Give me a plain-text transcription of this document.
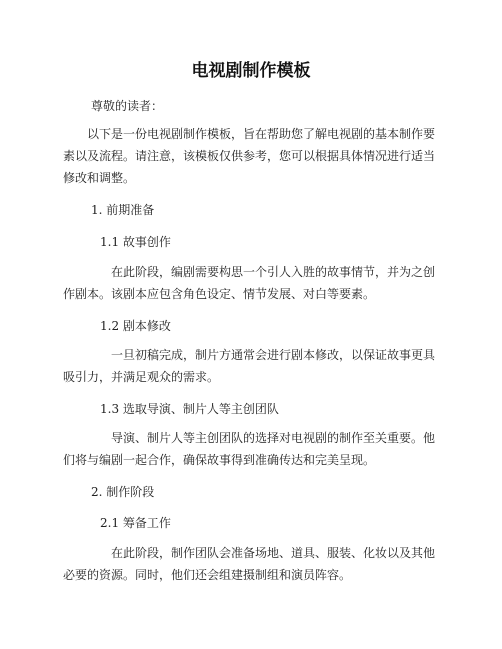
电视剧制作模板

尊敬的读者：

以下是一份电视剧制作模板，旨在帮助您了解电视剧的基本制作要素以及流程。请注意，该模板仅供参考，您可以根据具体情况进行适当修改和调整。

1. 前期准备

1.1 故事创作

在此阶段，编剧需要构思一个引人入胜的故事情节，并为之创作剧本。该剧本应包含角色设定、情节发展、对白等要素。

1.2 剧本修改

一旦初稿完成，制片方通常会进行剧本修改，以保证故事更具吸引力，并满足观众的需求。

1.3 选取导演、制片人等主创团队

导演、制片人等主创团队的选择对电视剧的制作至关重要。他们将与编剧一起合作，确保故事得到准确传达和完美呈现。

2. 制作阶段

2.1 筹备工作

在此阶段，制作团队会准备场地、道具、服装、化妆以及其他必要的资源。同时，他们还会组建摄制组和演员阵容。
